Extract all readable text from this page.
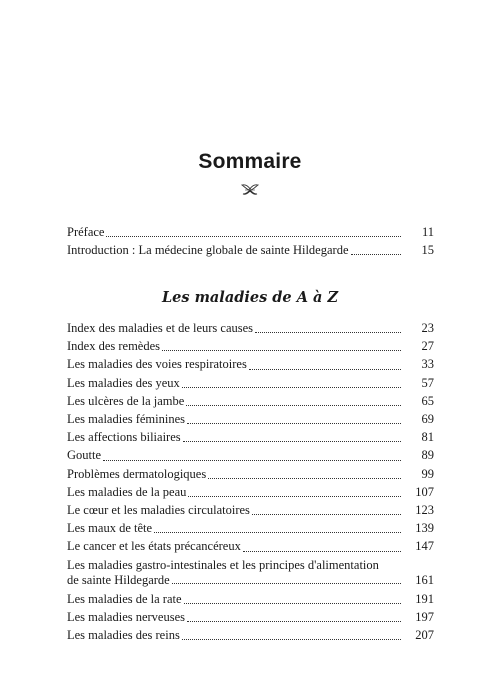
Sommaire
Préface	11
Introduction : La médecine globale de sainte Hildegarde	15
Les maladies de A à Z
Index des maladies et de leurs causes	23
Index des remèdes	27
Les maladies des voies respiratoires	33
Les maladies des yeux	57
Les ulcères de la jambe	65
Les maladies féminines	69
Les affections biliaires	81
Goutte	89
Problèmes dermatologiques	99
Les maladies de la peau	107
Le cœur et les maladies circulatoires	123
Les maux de tête	139
Le cancer et les états précancéreux	147
Les maladies gastro-intestinales et les principes d'alimentation
de sainte Hildegarde	161
Les maladies de la rate	191
Les maladies nerveuses	197
Les maladies des reins	207
